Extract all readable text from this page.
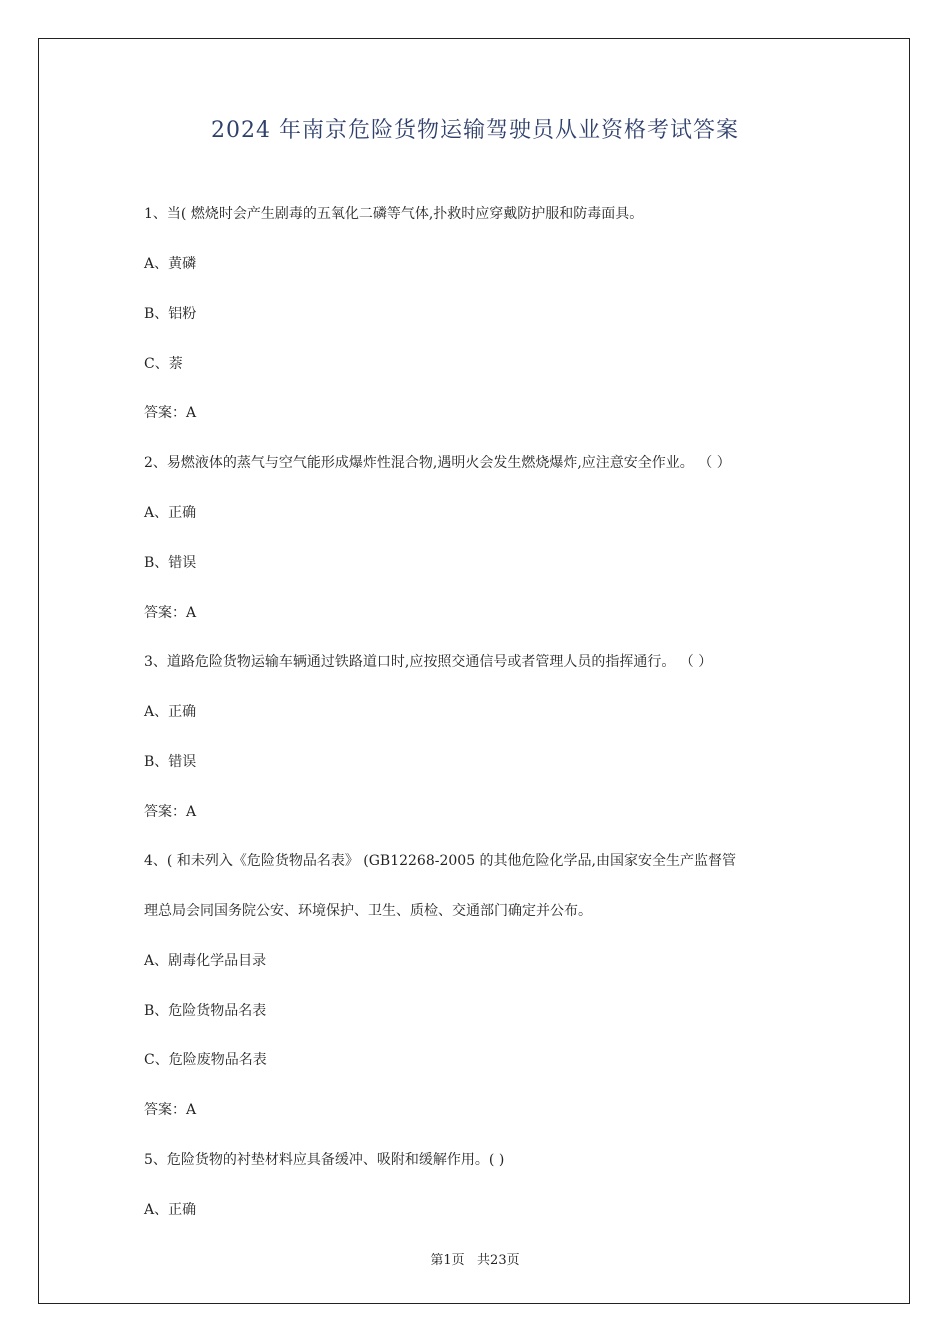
2024 年南京危险货物运输驾驶员从业资格考试答案
1、当( 燃烧时会产生剧毒的五氧化二磷等气体,扑救时应穿戴防护服和防毒面具。
A、黄磷
B、铝粉
C、萘
答案：A
2、易燃液体的蒸气与空气能形成爆炸性混合物,遇明火会发生燃烧爆炸,应注意安全作业。 （ ）
A、正确
B、错误
答案：A
3、道路危险货物运输车辆通过铁路道口时,应按照交通信号或者管理人员的指挥通行。 （ ）
A、正确
B、错误
答案：A
4、( 和未列入《危险货物品名表》 (GB12268-2005 的其他危险化学品,由国家安全生产监督管
理总局会同国务院公安、环境保护、卫生、质检、交通部门确定并公布。
A、剧毒化学品目录
B、危险货物品名表
C、危险废物品名表
答案：A
5、危险货物的衬垫材料应具备缓冲、吸附和缓解作用。( )
A、正确
第1页   共23页
